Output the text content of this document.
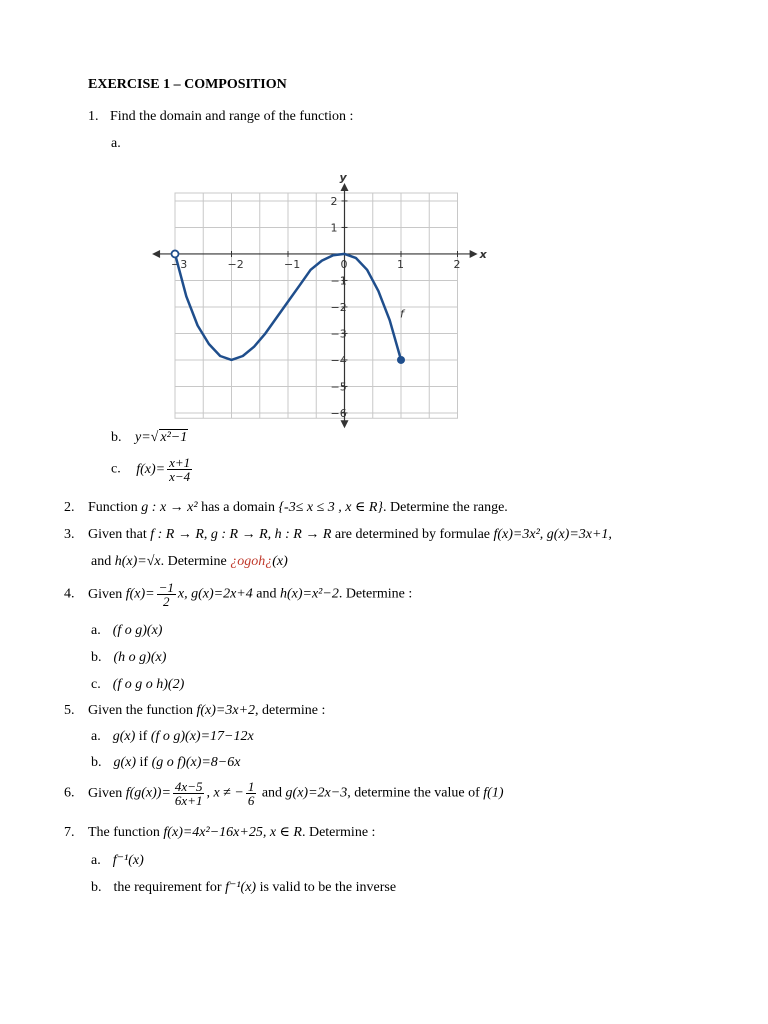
EXERCISE 1 – COMPOSITION
1. Find the domain and range of the function :
a.
x
y
−3	−2	−1	0	1	2
2
1
−1
−2
−3
−4
−5
−6
f
b. y=√ x²−1
c. $f(x)= \frac{x+1}{x-4}$
2. Function g : x → x² has a domain {-3≤ x ≤ 3 , x ∈ R}. Determine the range.
3. Given that f : R → R, g : R → R, h : R → R are determined by formulae f(x)=3x², g(x)=3x+1,
and h(x)=√x. Determine ¿ogoh¿(x)
4. Given $f(x)= \frac{-1}{2} x$, g(x)=2x+4 and h(x)=x²−2. Determine :
a. (f o g)(x)
b. (h o g)(x)
c. (f o g o h)(2)
5. Given the function f(x)=3x+2, determine :
a. g(x) if (f o g)(x)=17−12x
b. g(x) if (g o f)(x)=8−6x
6. Given $f(g(x))= \frac{4x-5}{6x+1}$ , x ≠ − $\frac{1}{6}$ and g(x)=2x−3, determine the value of f(1)
7. The function f(x)=4x²−16x+25, x ∈ R. Determine :
a. f⁻¹(x)
b. the requirement for f⁻¹(x) is valid to be the inverse
